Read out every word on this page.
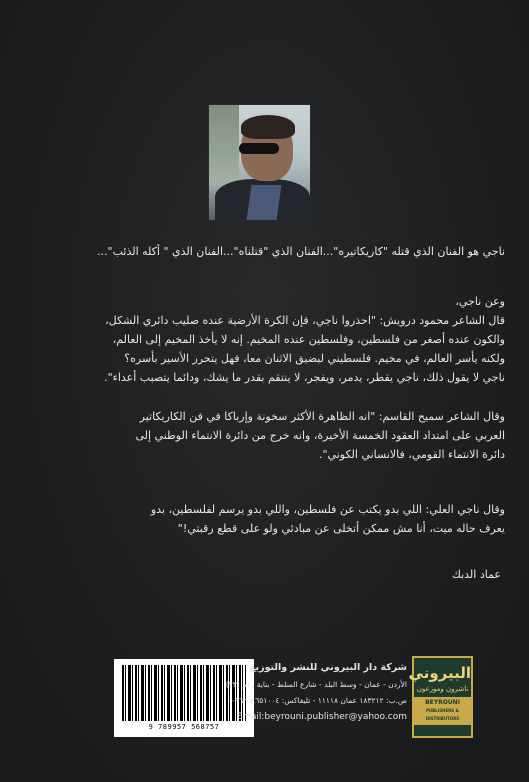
ناجي هو الفنان الذي قتله "كاريكاتيره"...الفنان الذي "قتلناه"...الفنان الذي " أكله الذئب"...
وعن ناجي،
قال الشاعر محمود درويش: "احذروا ناجي، فإن الكرة الأرضية عنده صليب دائري الشكل،
والكون عنده أصغر من فلسطين، وفلسطين عنده المخيم. إنه لا يأخذ المخيم إلى العالم،
ولكنه يأسر العالم، في مخيم. فلسطيني لبضيق الاثنان معا، فهل يتحرر الأسير بأسره؟
ناجي لا يقول ذلك، ناجي يقطر، يدمر، ويفجر، لا ينتقم بقدر ما يشك، ودائما يتصبب أعداء".
وقال الشاعر سميح القاسم: "انه الظاهرة الأكثر سخونة وإرباكا في فن الكاريكاتير
العربي على امتداد العقود الخمسة الأخيرة، وانه خرج من دائرة الانتماء الوطني إلى
دائرة الانتماء القومي، فالانساني الكوني".
وقال ناجي العلي: اللي بدو يكتب عن فلسطين، واللي بدو يرسم لفلسطين، بدو
يعرف حاله ميت، أنا مش ممكن أتخلى عن مبادئي ولو على قطع رقبتي!"
عماد الدبك
9 789957 568757
شركة دار البيروني للنشر والتوزيع
الأردن - عمان - وسط البلد - شارع السلط - بناية رقم (٢٣)
ص.ب: ١٨٣٢١٢ عمان ١١١١٨ - تليفاكس: ٠٠٩٦٢٦٤٦٥١٠٠٤
Email:beyrouni.publisher@yahoo.com
البيروني
ناشرون وموزعون
BEYROUNI
PUBLISHERS & DISTRIBUTORS
